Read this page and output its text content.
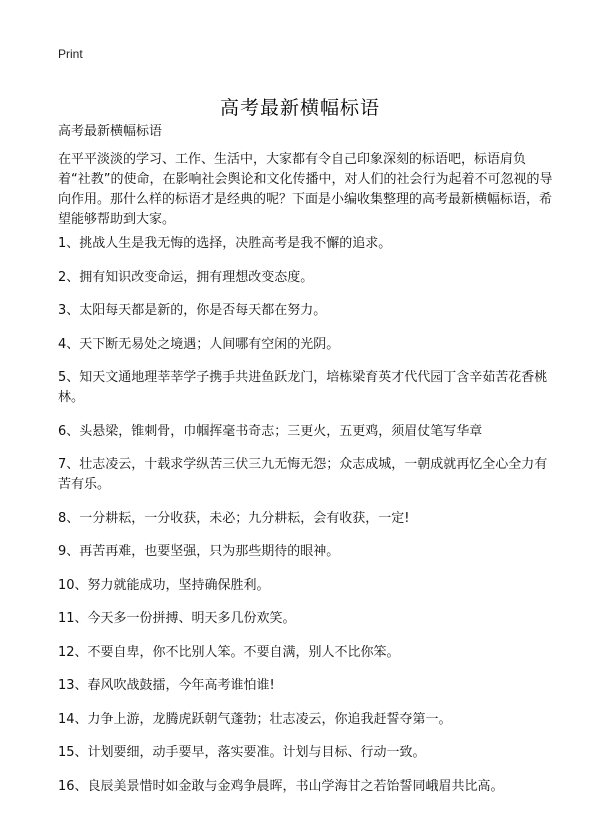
Print
高考最新横幅标语
高考最新横幅标语
在平平淡淡的学习、工作、生活中，大家都有令自己印象深刻的标语吧，标语肩负着“社教”的使命，在影响社会舆论和文化传播中，对人们的社会行为起着不可忽视的导向作用。那什么样的标语才是经典的呢？下面是小编收集整理的高考最新横幅标语，希望能够帮助到大家。
1、挑战人生是我无悔的选择，决胜高考是我不懈的追求。
2、拥有知识改变命运，拥有理想改变态度。
3、太阳每天都是新的，你是否每天都在努力。
4、天下断无易处之境遇；人间哪有空闲的光阴。
5、知天文通地理莘莘学子携手共进鱼跃龙门，培栋梁育英才代代园丁含辛茹苦花香桃林。
6、头悬梁，锥刺骨，巾帼挥毫书奇志；三更火，五更鸡，须眉仗笔写华章
7、壮志凌云，十载求学纵苦三伏三九无悔无怨；众志成城，一朝成就再忆全心全力有苦有乐。
8、一分耕耘，一分收获，未必；九分耕耘，会有收获，一定!
9、再苦再难，也要坚强，只为那些期待的眼神。
10、努力就能成功，坚持确保胜利。
11、今天多一份拼搏、明天多几份欢笑。
12、不要自卑，你不比别人笨。不要自满，别人不比你笨。
13、春风吹战鼓擂，今年高考谁怕谁!
14、力争上游，龙腾虎跃朝气蓬勃；壮志凌云，你追我赶誓夺第一。
15、计划要细，动手要早，落实要准。计划与目标、行动一致。
16、良辰美景惜时如金敢与金鸡争晨晖，书山学海甘之若饴誓同峨眉共比高。
